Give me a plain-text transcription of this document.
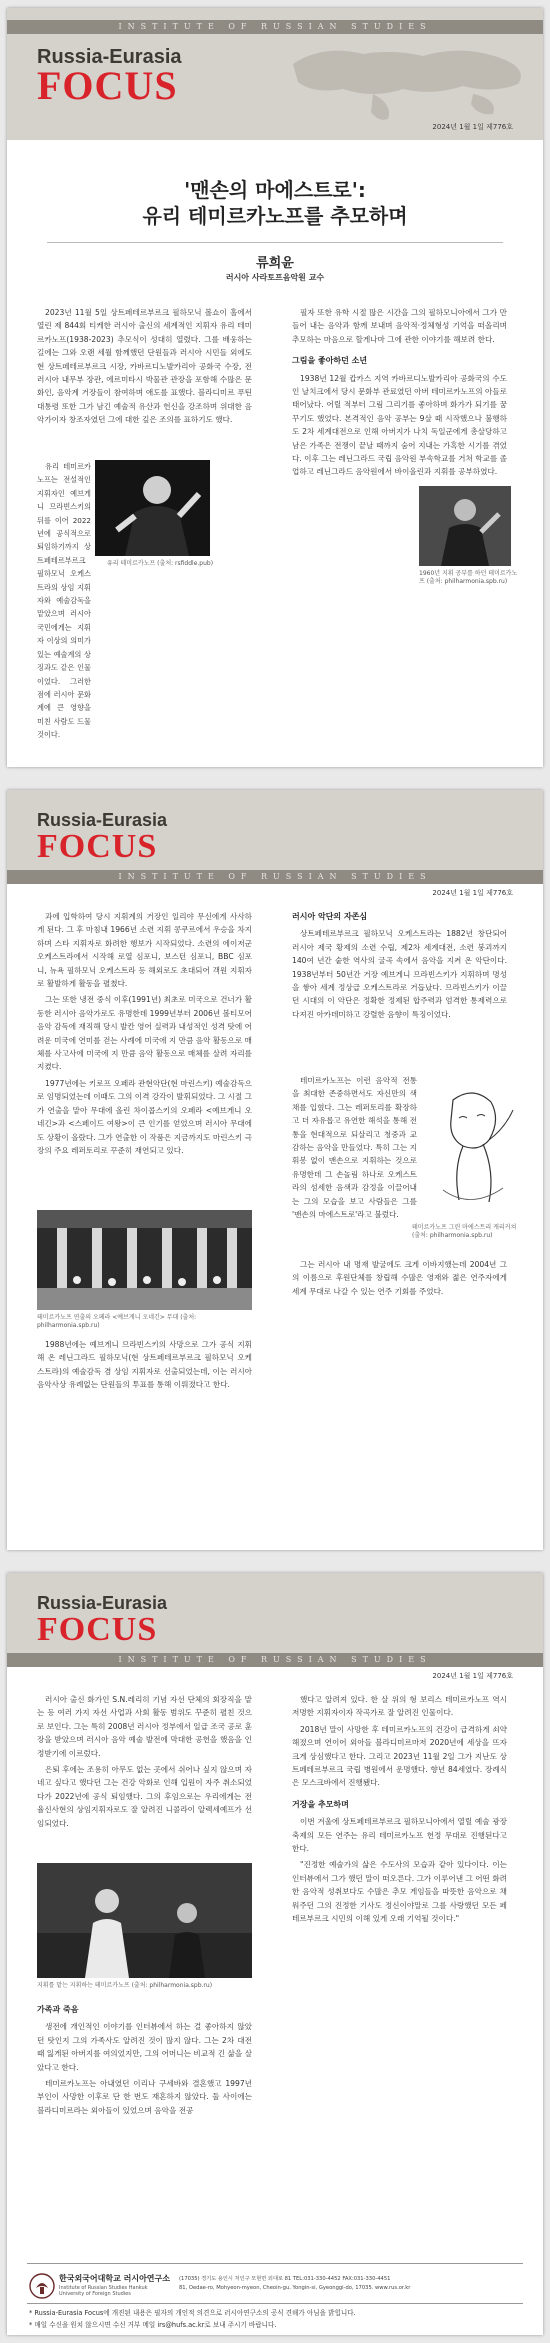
INSTITUTE OF RUSSIAN STUDIES
Russia-Eurasia
FOCUS
2024년 1월 1일 제776호
'맨손의 마에스트로':
유리 테미르카노프를 추모하며
류희윤
러시아 사라토프음악원 교수

2023년 11월 5일 상트페테르부르크 필하모닉 볼쇼이 홀에서 열린 제 844회 티케한 러시아 출신의 세계적인 지휘자 유리 테미르카노프(1938-2023) 추모식이 성대히 열렸다. 그를 배웅하는 길에는 그와 오랜 세월 함께했던 단원들과 러시아 시민들 외에도 현 상트페테르부르크 시장, 카바르디노발카리아 공화국 수장, 전 러시아 내무부 장관, 에르미타시 박물관 관장을 포함해 수많은 문화인, 음악계 거장들이 참여하며 애도를 표했다. 블라디미르 푸틴 대통령 또한 그가 남긴 예술적 유산과 헌신을 강조하며 위대한 음악가이자 창조자였던 그에 대한 깊은 조의를 표하기도 했다.

유리 테미르카노프 (출처: rsfiddle.pub)

유리 테미르카노프는 전설적인 지휘자인 예브게니 므라빈스키의 뒤를 이어 2022년에 공식적으로 퇴임하기까지 상트페테르부르크 필하모닉 오케스트라의 상임 지휘자와 예술감독을 맡았으며 러시아 국민에게는 지휘자 이상의 의미가 있는 예술계의 상징과도 같은 인물이었다. 그러한 점에 러시아 문화계에 큰 영향을 미친 사람도 드물 것이다.

필자 또한 유학 시절 많은 시간을 그의 필하모니아에서 그가 만들어 내는 음악과 함께 보내며 음악적·정체형성 기억을 떠올리며 추모하는 마음으로 할게나마 그에 관한 이야기를 해보려 한다.

그림을 좋아하던 소년

1938년 12월 캅카스 지역 카바르디노발카리아 공화국의 수도인 날치크에서 당시 문화부 관료였던 아버 테미르카노프의 아들로 태어났다. 어릴 적부터 그림 그리기를 좋아하며 화가가 되기를 꿈꾸기도 했었다. 본격적인 음악 공부는 9살 때 시작했으나 불행하도 2차 세계대전으로 인해 아버지가 나치 독일군에게 총살당하고 남은 가족은 전쟁이 끝날 때까지 숨어 지내는 가혹한 시기를 겪었다. 이후 그는 레닌그라드 국립 음악원 부속학교를 거쳐 학교를 졸업하고 레닌그라드 음악원에서 바이올린과 지휘를 공부하였다.

1960년 지휘 공부를 하던 테미르카노프 (출처: philharmonia.spb.ru)
Russia-Eurasia
FOCUS
INSTITUTE OF RUSSIAN STUDIES
2024년 1월 1일 제776호

과에 입학하여 당시 지휘계의 거장인 일리야 무신에게 사사하게 된다. 그 후 마침내 1966년 소련 지휘 콩쿠르에서 우승을 차지하며 스타 지휘자로 화려한 행보가 시작되었다. 소련의 에이저군 오케스트라에서 시작해 로열 심포니, 보스턴 심포니, BBC 심포니, 뉴욕 필하모닉 오케스트라 등 해외로도 초대되어 객원 지휘자로 활발하게 활동을 펼쳤다.

그는 또한 냉전 중식 이후(1991년) 최초로 미국으로 건너가 활동한 러시아 음악가로도 유명한데 1999년부터 2006년 볼티모어 음악 감독에 재직해 당시 발칸 영어 실력과 내성적인 성격 탓에 어려운 미국에 연미를 걷는 사례에 미국에 지 만큼 음악 활동으로 매체를 사고사에 미국에 지 만큼 음악 활동으로 매체를 살려 자리를 지켰다.

1977년에는 키로프 오페라 관현악단(현 마린스키) 예술감독으로 임명되었는데 이때도 그의 이격 강각이 발휘되었다. 그 시절 그가 연출을 맡아 무대에 올린 차이콥스키의 오페라 <예브게니 오네긴>과 <스페이드 여왕>이 큰 인기를 얻었으며 러시아 무대에도 상황이 올랐다. 그가 연출한 이 작품은 지금까지도 마린스키 극장의 주요 레퍼토리로 꾸준히 재연되고 있다.

테미르카노프 연출의 오페라 <예브게니 오네긴> 무대 (출처: philharmonia.spb.ru)

1988년에는 예브게니 므라빈스키의 사망으로 그가 공식 지휘해 온 레닌그라드 필하모닉(현 상트페테르부르크 필하모닉 오케스트라)의 예술감독 겸 상임 지휘자로 선출되었는데, 이는 러시아 음악사상 유례없는 단원들의 투표를 통해 이뤄졌다고 한다.

러시아 악단의 자존심

상트페테르부르크 필하모닉 오케스트라는 1882년 창단되어 러시아 제국 황제의 소련 수립, 제2차 세계대전, 소련 붕괴까지 140여 년간 숱한 역사의 굴곡 속에서 음악을 지켜 온 악단이다. 1938년부터 50년간 거장 예브게니 므라빈스키가 지휘하며 명성을 쌓아 세계 정상급 오케스트라로 거듭났다. 므라빈스키가 이끌던 시대의 이 악단은 정확한 정제된 합주력과 엄격한 통제력으로 다져진 아카데미하고 강렬한 음향이 특징이었다.

테미르카노프는 이런 음악적 전통을 최대한 존중하면서도 자신만의 색채를 입혔다. 그는 레퍼토리를 확장하고 더 자유롭고 유연한 해석을 통해 전통을 현대적으로 되살리고 청중과 교감하는 음악을 만들었다. 특히 그는 지휘봉 없이 맨손으로 지휘하는 것으로 유명한데 그 손놀림 하나로 오케스트라의 섬세한 음색과 감정을 이끌어내는 그의 모습을 보고 사람들은 그를 '맨손의 마에스트로'라고 불렀다.

테미르카노프 그린 마에스트리 캐리커쳐 (출처: philharmonia.spb.ru)

그는 러시아 내 명재 발굴에도 크게 이바지했는데 2004년 그의 이름으로 후원단체를 창립해 수많은 영재와 젊은 연주자에게 세계 무대로 나갈 수 있는 연주 기회를 주었다.

Russia-Eurasia
FOCUS
INSTITUTE OF RUSSIAN STUDIES
2024년 1월 1일 제776호

러시아 출신 화가인 S.N.레리히 기념 자선 단체의 회장직을 맡는 등 여러 가지 자선 사업과 사회 활동 범위도 꾸준히 펼친 것으로 보인다. 그는 특히 2008년 러시아 정부에서 일급 조국 공로 훈장을 받았으며 러시아 음악 예술 발전에 막대한 공헌을 했음을 인정받기에 이르렀다.

은퇴 후에는 조용히 아무도 없는 곳에서 쉬어나 싶지 않으며 자네고 싶다고 했다던 그는 건강 악화로 인해 입원이 자주 취소되었다가 2022년에 공식 퇴임했다. 그의 후임으로는 우리에게는 전 율신사현의 상임지휘자로도 잘 알려진 니콜라이 알렉세예프가 선임되었다.

지휘를 맡는 지휘하는 테미르카노프 (출처: philharmonia.spb.ru)
가족과 죽음

생전에 개인적인 이야기를 인터뷰에서 하는 걸 좋아하지 않았던 탓인지 그의 가족사도 알려진 것이 많지 않다. 그는 2차 대전 때 잃게된 아버지를 여의었지만, 그의 어머니는 비교적 긴 삶을 살았다고 한다.

테미르카노프는 아내였던 이리나 구세바와 결혼했고 1997년 부인이 사망한 이후로 단 한 번도 재혼하지 않았다. 둘 사이에는 블라디미르라는 외아들이 있었으며 음악을 전공

했다고 알려져 있다. 한 살 위의 형 보리스 테미르카노프 역시 저명한 지휘자이자 작곡가로 잘 알려진 인물이다.

2018년 말이 사망한 후 테미르카노프의 건강이 급격하게 쇠약해졌으며 연이어 외아들 블라디미르마저 2020년에 세상을 뜨자 크게 상심했다고 한다. 그리고 2023년 11월 2일 그가 지난도 상트페테르부르크 국립 병원에서 운명했다. 향년 84세였다. 장례식은 모스크바에서 진행됐다.

거장을 추모하며

이번 겨울에 상트페테르부르크 필하모니아에서 열릴 예술 광장축제의 모든 연주는 유리 테미르카노프 헌정 무대로 진행된다고 한다.

"진정한 예술가의 삶은 수도사의 모습과 같아 있다이다. 이는 인터뷰에서 그가 했던 말이 떠오른다. 그가 이루어낸 그 어떤 화려한 음악적 성취보다도 수많은 추모 게임들을 따뜻한 음악으로 채워주던 그의 진정한 기사도 정신이야말로 그를 사랑했던 모든 페테르부르크 시민의 이해 있게 오래 기억될 것이다."

한국외국어대학교 러시아연구소
Institute of Russian Studies Hankuk University of Foreign Studies
(17035) 경기도 용인시 처인구 모현면 외대로 81 TEL:031-330-4452 FAX:031-330-4451
81, Oedae-ro, Mohyeon-myeon, Cheoin-gu, Yongin-si, Gyeonggi-do, 17035. www.rus.or.kr
* Russia-Eurasia Focus에 개진된 내용은 필자의 개인적 의견으로 러시아연구소의 공식 견해가 아님을 밝힙니다.
* 매일 수신을 원치 않으시면 수신 거부 메일 irs@hufs.ac.kr로 보내 주시기 바랍니다.
